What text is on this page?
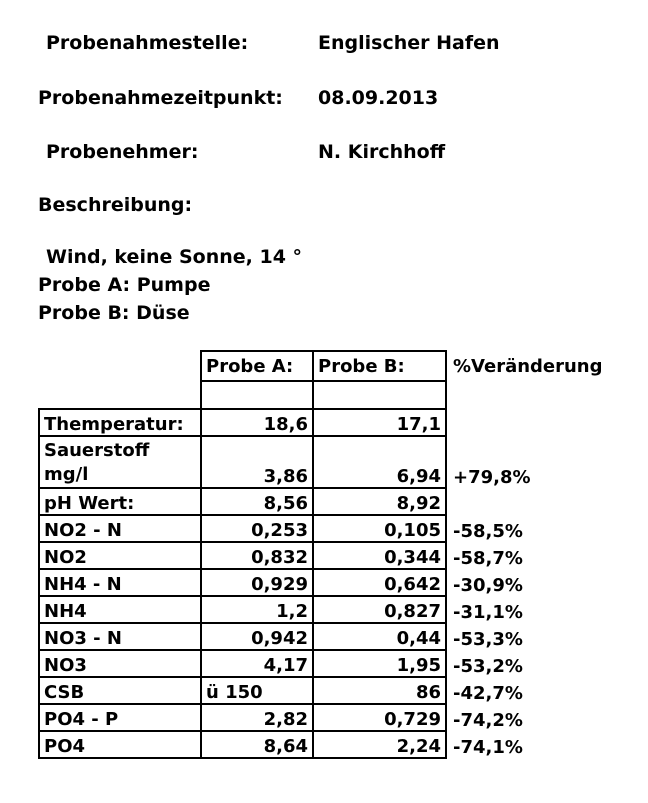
Probenahmestelle:	Englischer Hafen
Probenahmezeitpunkt: 08.09.2013
Probenehmer:	N. Kirchhoff
Beschreibung:
Wind, keine Sonne, 14 °
Probe A: Pumpe
Probe B: Düse
	Probe A:	Probe B:	%Veränderung

Themperatur:	18,6	17,1	
Sauerstoff
mg/l	3,86	6,94	+79,8%
pH Wert:	8,56	8,92	
NO2 - N	0,253	0,105	-58,5%
NO2	0,832	0,344	-58,7%
NH4 - N	0,929	0,642	-30,9%
NH4	1,2	0,827	-31,1%
NO3 - N	0,942	0,44	-53,3%
NO3	4,17	1,95	-53,2%
CSB	ü 150	86	-42,7%
PO4 - P	2,82	0,729	-74,2%
PO4	8,64	2,24	-74,1%
